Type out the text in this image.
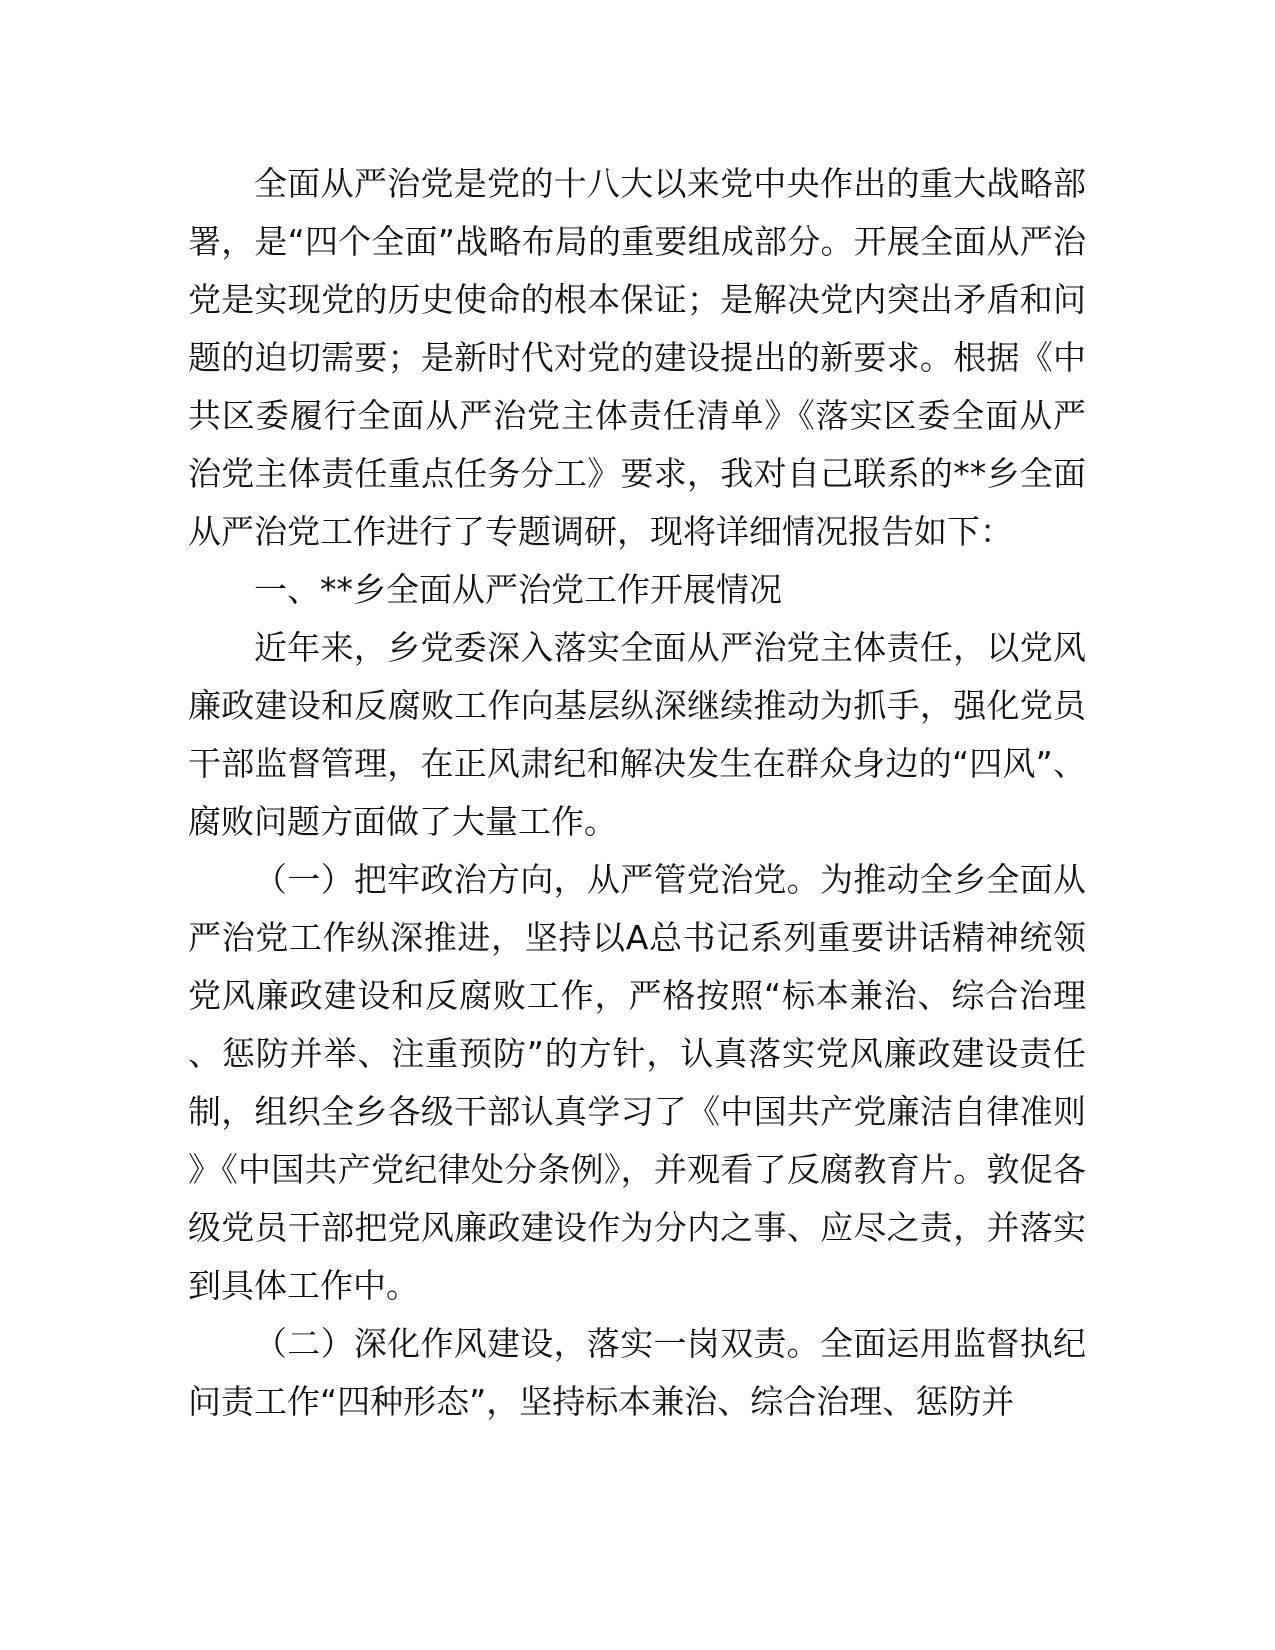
全面从严治党是党的十八大以来党中央作出的重大战略部署，是“四个全面”战略布局的重要组成部分。开展全面从严治党是实现党的历史使命的根本保证；是解决党内突出矛盾和问题的迫切需要；是新时代对党的建设提出的新要求。根据《中共区委履行全面从严治党主体责任清单》《落实区委全面从严治党主体责任重点任务分工》要求，我对自己联系的**乡全面从严治党工作进行了专题调研，现将详细情况报告如下：

一、**乡全面从严治党工作开展情况

近年来，乡党委深入落实全面从严治党主体责任，以党风廉政建设和反腐败工作向基层纵深继续推动为抓手，强化党员干部监督管理，在正风肃纪和解决发生在群众身边的“四风”、腐败问题方面做了大量工作。

（一）把牢政治方向，从严管党治党。为推动全乡全面从严治党工作纵深推进，坚持以A总书记系列重要讲话精神统领党风廉政建设和反腐败工作，严格按照“标本兼治、综合治理、惩防并举、注重预防”的方针，认真落实党风廉政建设责任制，组织全乡各级干部认真学习了《中国共产党廉洁自律准则》《中国共产党纪律处分条例》，并观看了反腐教育片。敦促各级党员干部把党风廉政建设作为分内之事、应尽之责，并落实到具体工作中。

（二）深化作风建设，落实一岗双责。全面运用监督执纪问责工作“四种形态”，坚持标本兼治、综合治理、惩防并
